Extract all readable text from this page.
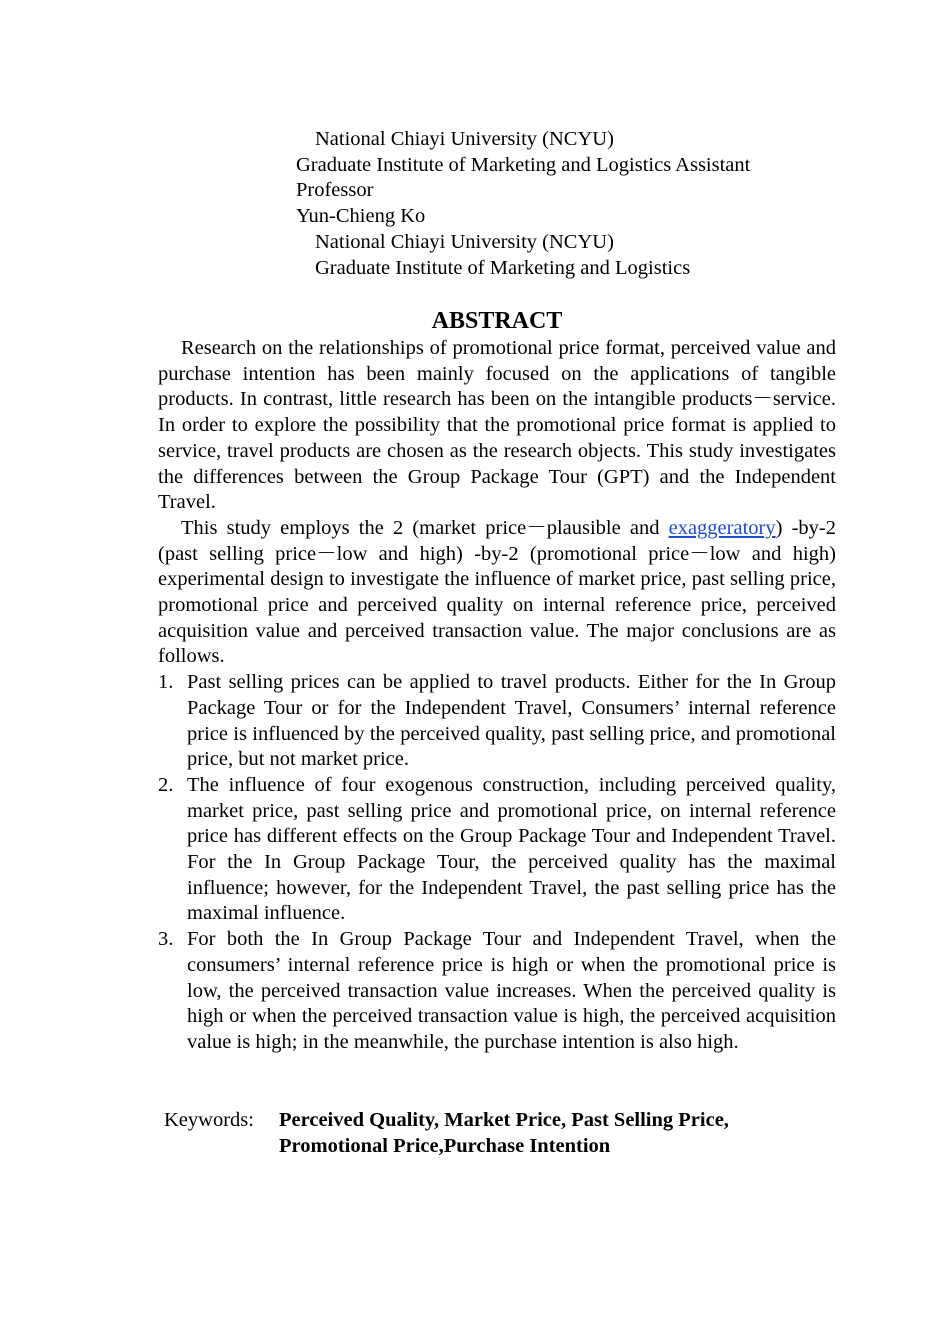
National Chiayi University (NCYU)
Graduate Institute of Marketing and Logistics Assistant
Professor
Yun-Chieng Ko
National Chiayi University (NCYU)
Graduate Institute of Marketing and Logistics
ABSTRACT

Research on the relationships of promotional price format, perceived value and purchase intention has been mainly focused on the applications of tangible products. In contrast, little research has been on the intangible products－service. In order to explore the possibility that the promotional price format is applied to service, travel products are chosen as the research objects. This study investigates the differences between the Group Package Tour (GPT) and the Independent Travel.

This study employs the 2 (market price－plausible and exaggeratory) -by-2 (past selling price－low and high) -by-2 (promotional price－low and high) experimental design to investigate the influence of market price, past selling price, promotional price and perceived quality on internal reference price, perceived acquisition value and perceived transaction value. The major conclusions are as follows.

1. Past selling prices can be applied to travel products. Either for the In Group Package Tour or for the Independent Travel, Consumers’ internal reference price is influenced by the perceived quality, past selling price, and promotional price, but not market price.
2. The influence of four exogenous construction, including perceived quality, market price, past selling price and promotional price, on internal reference price has different effects on the Group Package Tour and Independent Travel. For the In Group Package Tour, the perceived quality has the maximal influence; however, for the Independent Travel, the past selling price has the maximal influence.
3. For both the In Group Package Tour and Independent Travel, when the consumers’ internal reference price is high or when the promotional price is low, the perceived transaction value increases. When the perceived quality is high or when the perceived transaction value is high, the perceived acquisition value is high; in the meanwhile, the purchase intention is also high.
Keywords:	Perceived Quality, Market Price, Past Selling Price,
Promotional Price,Purchase Intention
